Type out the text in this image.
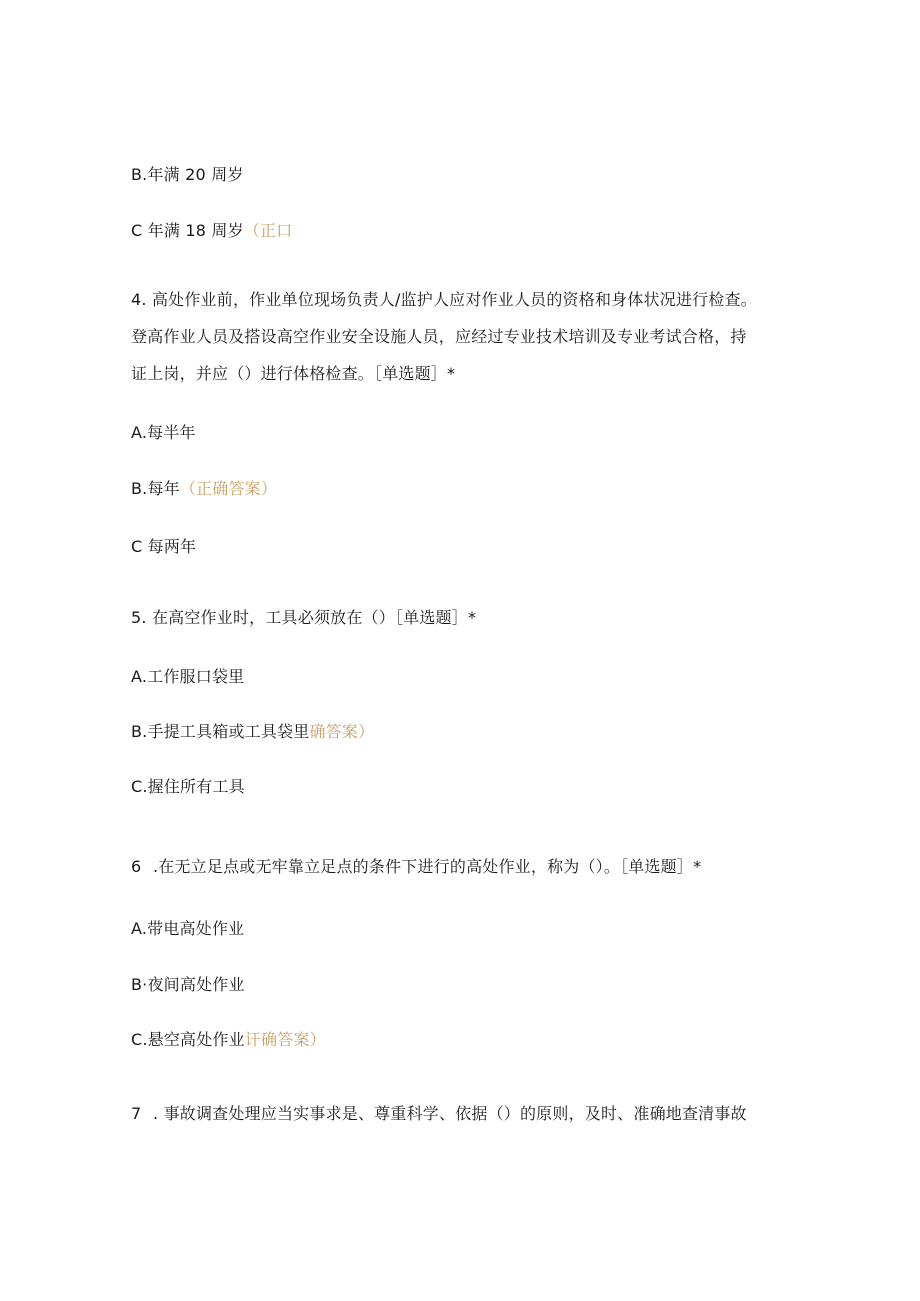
B.年满 20 周岁
C 年满 18 周岁（正口
4. 高处作业前，作业单位现场负责人/监护人应对作业人员的资格和身体状况进行检查。
登高作业人员及搭设高空作业安全设施人员，应经过专业技术培训及专业考试合格，持
证上岗，并应（）进行体格检查。［单选题］*
A.每半年
B.每年（正确答案）
C 每两年
5. 在高空作业时，工具必须放在（）［单选题］*
A.工作服口袋里
B.手提工具箱或工具袋里确答案）
C.握住所有工具
6 .在无立足点或无牢靠立足点的条件下进行的高处作业，称为（）。［单选题］*
A.带电高处作业
B·夜间高处作业
C.悬空高处作业讦确答案）
7 . 事故调查处理应当实事求是、尊重科学、依据（）的原则，及时、准确地查清事故
